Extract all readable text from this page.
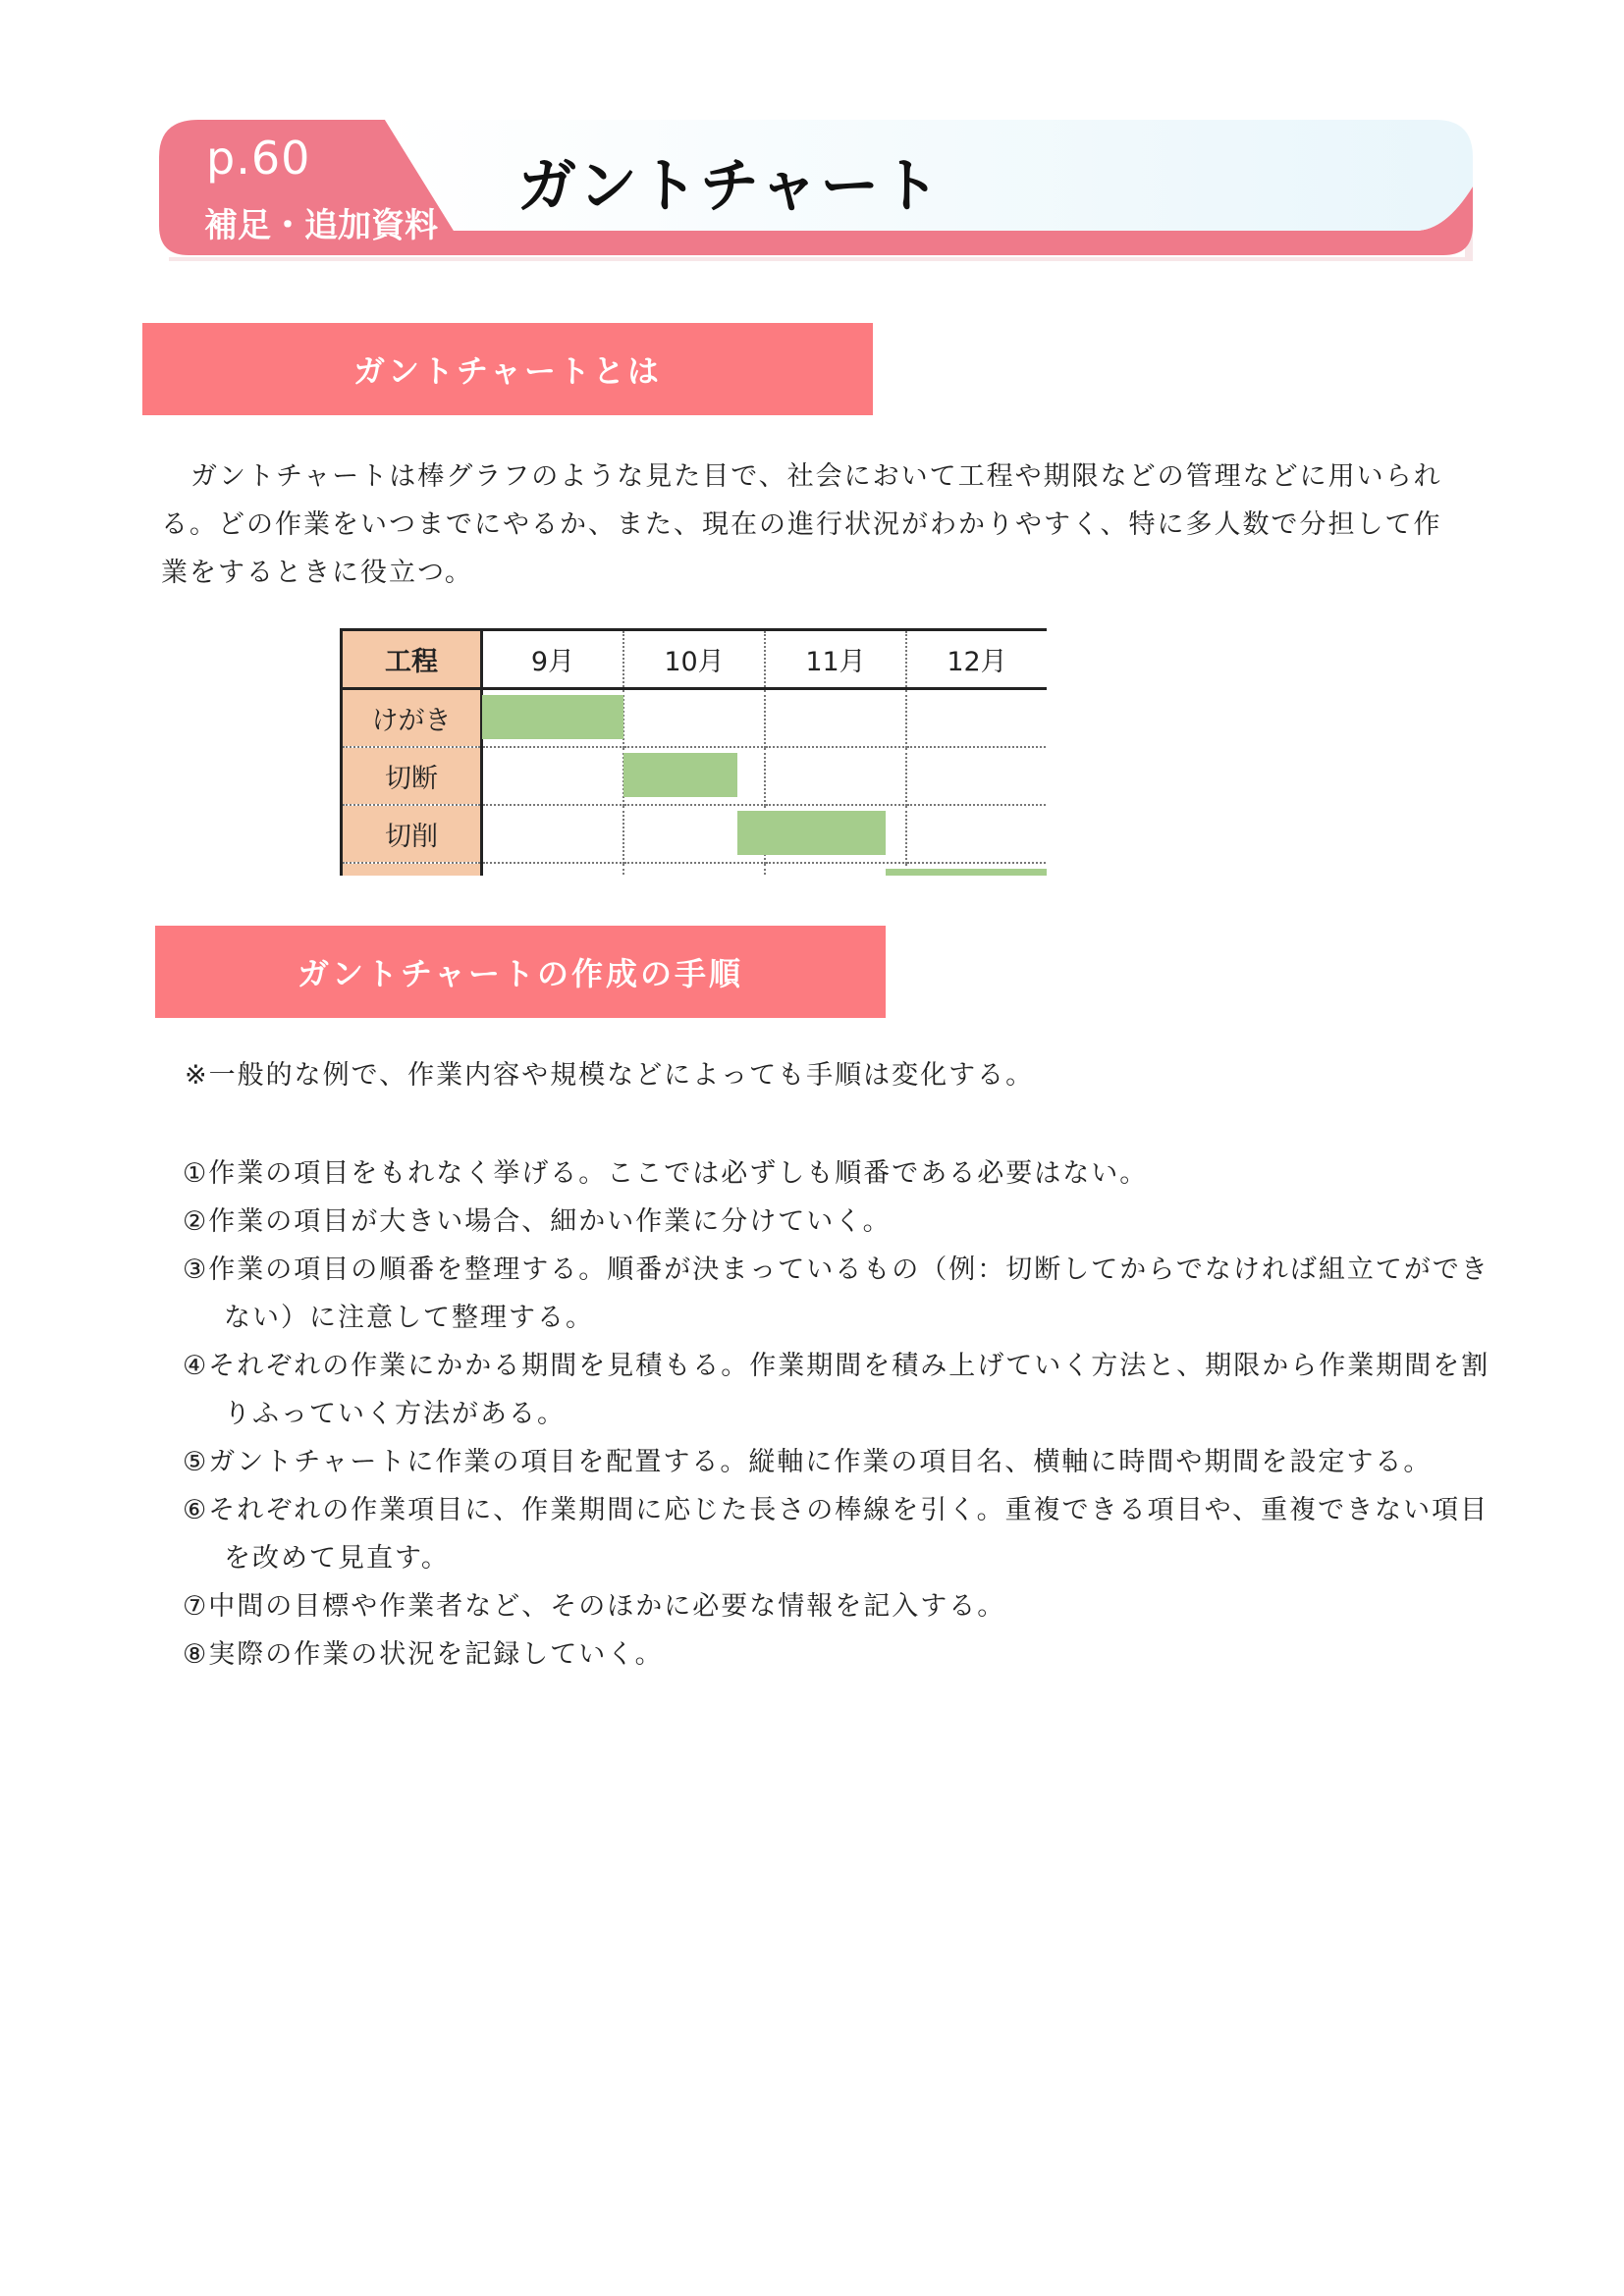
p.60
補足・追加資料
ガントチャート
ガントチャートとは
ガントチャートは棒グラフのような見た目で、社会において工程や期限などの管理などに用いられる。どの作業をいつまでにやるか、また、現在の進行状況がわかりやすく、特に多人数で分担して作業をするときに役立つ。
工程	9月	10月	11月	12月	
けがき					
切断					
切削					

ガントチャートの作成の手順
※一般的な例で、作業内容や規模などによっても手順は変化する。
①作業の項目をもれなく挙げる。ここでは必ずしも順番である必要はない。
②作業の項目が大きい場合、細かい作業に分けていく。
③作業の項目の順番を整理する。順番が決まっているもの（例：切断してからでなければ組立てができない）に注意して整理する。
④それぞれの作業にかかる期間を見積もる。作業期間を積み上げていく方法と、期限から作業期間を割りふっていく方法がある。
⑤ガントチャートに作業の項目を配置する。縦軸に作業の項目名、横軸に時間や期間を設定する。
⑥それぞれの作業項目に、作業期間に応じた長さの棒線を引く。重複できる項目や、重複できない項目を改めて見直す。
⑦中間の目標や作業者など、そのほかに必要な情報を記入する。
⑧実際の作業の状況を記録していく。
